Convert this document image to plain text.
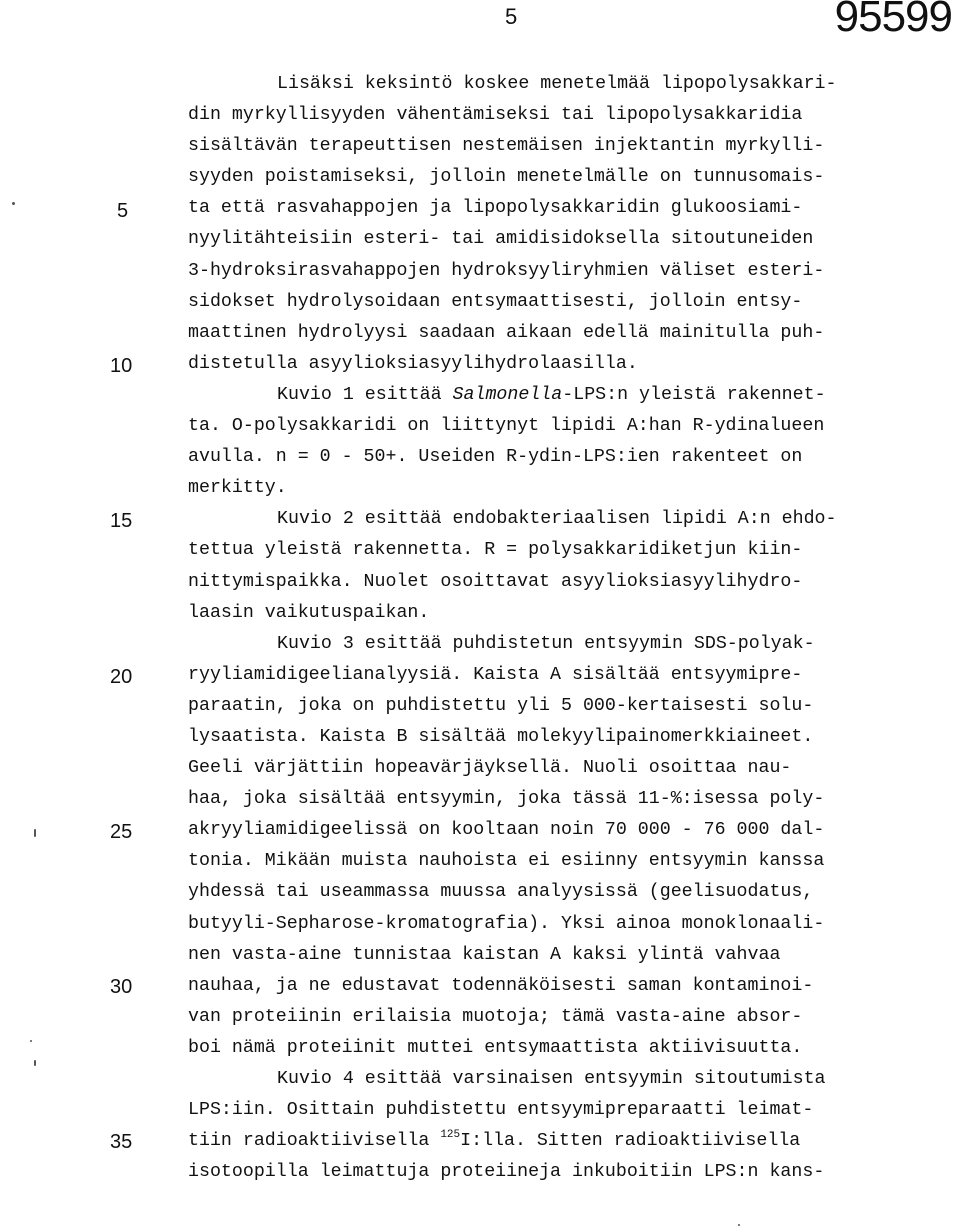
5	95599
5
10
15
20
25
30
35
Lisäksi keksintö koskee menetelmää lipopolysakkari-
din myrkyllisyyden vähentämiseksi tai lipopolysakkaridia
sisältävän terapeuttisen nestemäisen injektantin myrkylli-
syyden poistamiseksi, jolloin menetelmälle on tunnusomais-
ta että rasvahappojen ja lipopolysakkaridin glukoosiami-
nyylitähteisiin esteri- tai amidisidoksella sitoutuneiden
3-hydroksirasvahappojen hydroksyyliryhmien väliset esteri-
sidokset hydrolysoidaan entsymaattisesti, jolloin entsy-
maattinen hydrolyysi saadaan aikaan edellä mainitulla puh-
distetulla asyylioksiasyylihydrolaasilla.
Kuvio 1 esittää Salmonella-LPS:n yleistä rakennet-
ta. O-polysakkaridi on liittynyt lipidi A:han R-ydinalueen
avulla. n = 0 - 50+. Useiden R-ydin-LPS:ien rakenteet on
merkitty.
Kuvio 2 esittää endobakteriaalisen lipidi A:n ehdo-
tettua yleistä rakennetta. R = polysakkaridiketjun kiin-
nittymispaikka. Nuolet osoittavat asyylioksiasyylihydro-
laasin vaikutuspaikan.
Kuvio 3 esittää puhdistetun entsyymin SDS-polyak-
ryyliamidigeelianalyysiä. Kaista A sisältää entsyymipre-
paraatin, joka on puhdistettu yli 5 000-kertaisesti solu-
lysaatista. Kaista B sisältää molekyylipainomerkkiaineet.
Geeli värjättiin hopeavärjäyksellä. Nuoli osoittaa nau-
haa, joka sisältää entsyymin, joka tässä 11-%:isessa poly-
akryyliamidigeelissä on kooltaan noin 70 000 - 76 000 dal-
tonia. Mikään muista nauhoista ei esiinny entsyymin kanssa
yhdessä tai useammassa muussa analyysissä (geelisuodatus,
butyyli-Sepharose-kromatografia). Yksi ainoa monoklonaali-
nen vasta-aine tunnistaa kaistan A kaksi ylintä vahvaa
nauhaa, ja ne edustavat todennäköisesti saman kontaminoi-
van proteiinin erilaisia muotoja; tämä vasta-aine absor-
boi nämä proteiinit muttei entsymaattista aktiivisuutta.
Kuvio 4 esittää varsinaisen entsyymin sitoutumista
LPS:iin. Osittain puhdistettu entsyymipreparaatti leimat-
tiin radioaktiivisella $^{125}$I:lla. Sitten radioaktiivisella
isotoopilla leimattuja proteiineja inkuboitiin LPS:n kans-
